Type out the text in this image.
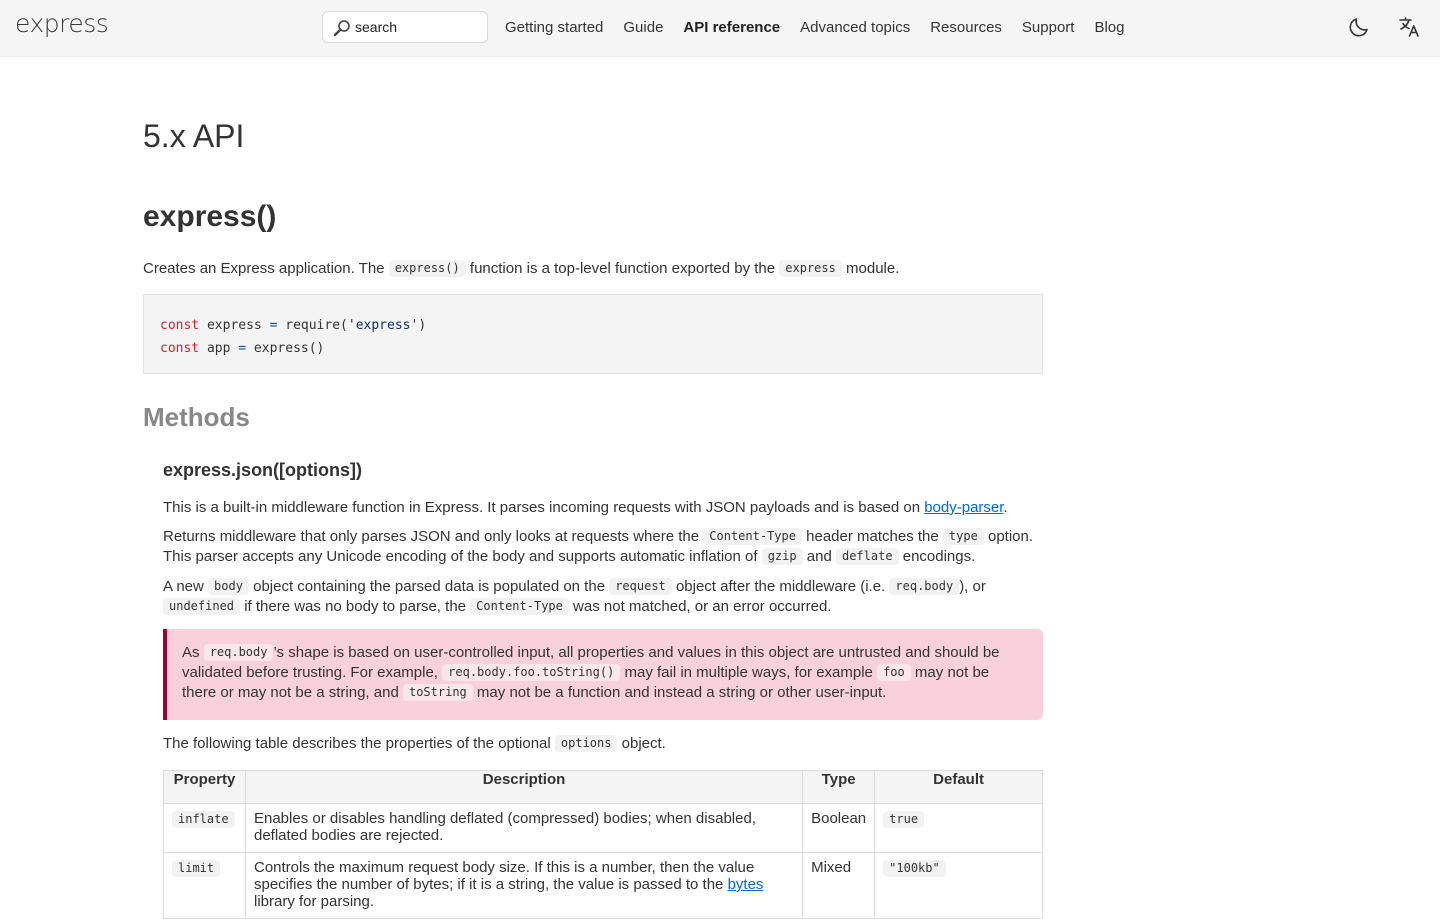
express
search	Getting started Guide API reference Advanced topics Resources Support Blog
5.x API
express()

Creates an Express application. The express() function is a top-level function exported by the express module.

const express = require('express')
const app = express()
Methods
express.json([options])

This is a built-in middleware function in Express. It parses incoming requests with JSON payloads and is based on body-parser.

Returns middleware that only parses JSON and only looks at requests where the Content-Type header matches the type option. This parser accepts any Unicode encoding of the body and supports automatic inflation of gzip and deflate encodings.

A new body object containing the parsed data is populated on the request object after the middleware (i.e. req.body ), or undefined if there was no body to parse, the Content-Type was not matched, or an error occurred.

As req.body ’s shape is based on user-controlled input, all properties and values in this object are untrusted and should be validated before trusting. For example, req.body.foo.toString() may fail in multiple ways, for example foo may not be there or may not be a string, and toString may not be a function and instead a string or other user-input.

The following table describes the properties of the optional options object.

Property	Description	Type	Default
inflate	Enables or disables handling deflated (compressed) bodies; when disabled, deflated bodies are rejected.	Boolean	true
limit	Controls the maximum request body size. If this is a number, then the value specifies the number of bytes; if it is a string, the value is passed to the bytes library for parsing.	Mixed	"100kb"
